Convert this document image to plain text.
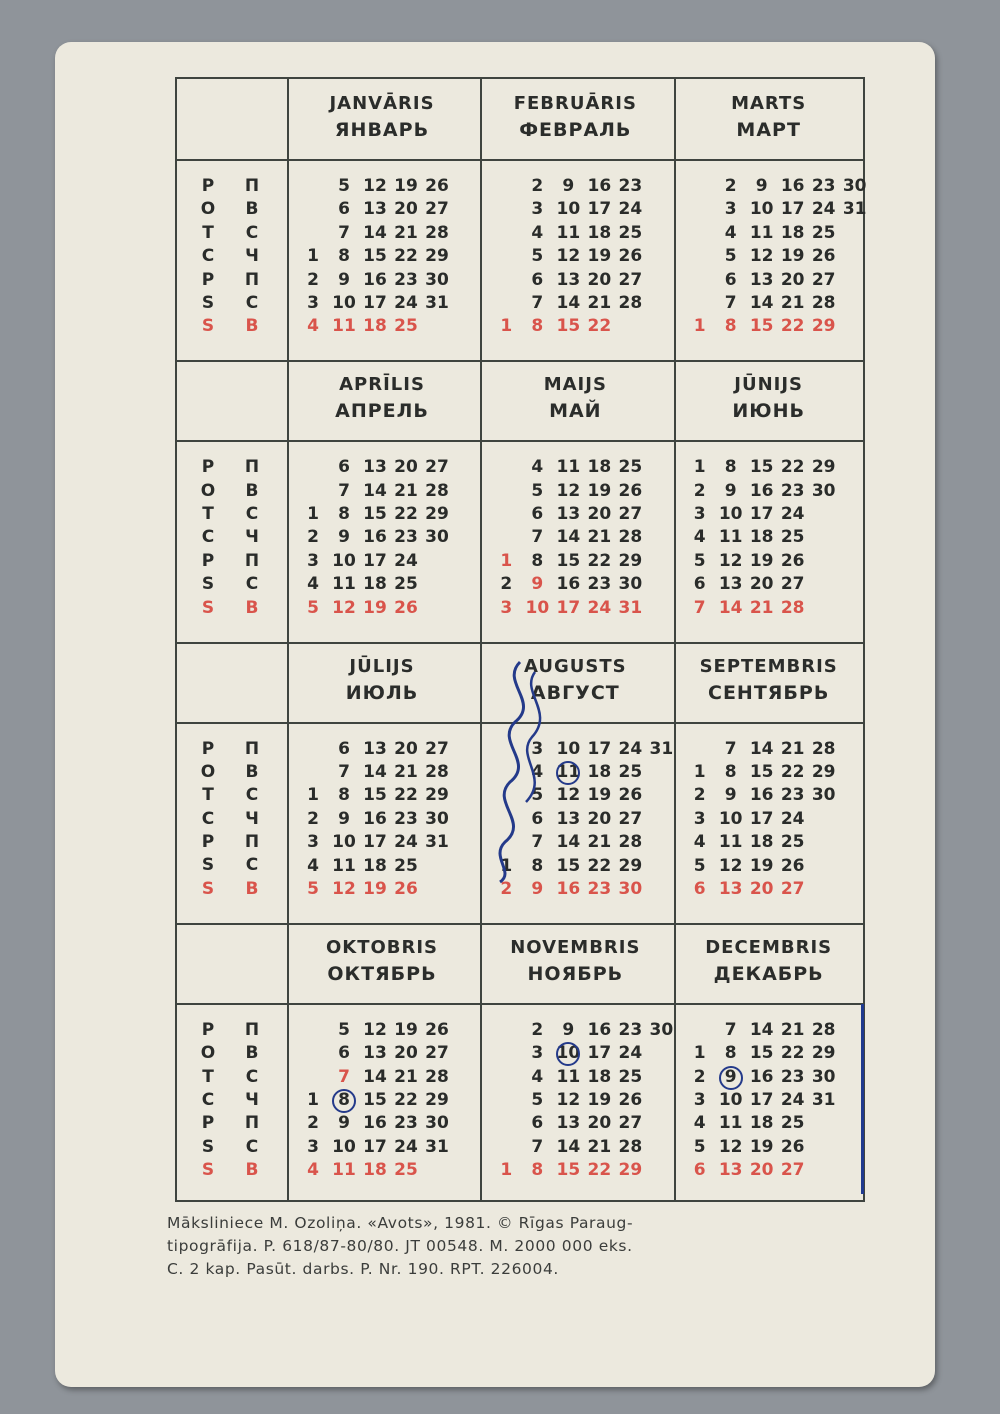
P
O
T
C
P
S
S
П
В
С
Ч
П
С
В
JANVĀRIS
ЯНВАРЬ
1
2
3
4
5
6
7
8
9
10
11
12
13
14
15
16
17
18
19
20
21
22
23
24
25
26
27
28
29
30
31
FEBRUĀRIS
ФЕВРАЛЬ
1
2
3
4
5
6
7
8
9
10
11
12
13
14
15
16
17
18
19
20
21
22
23
24
25
26
27
28
MARTS
МАРТ
1
2
3
4
5
6
7
8
9
10
11
12
13
14
15
16
17
18
19
20
21
22
23
24
25
26
27
28
29
30
31
P
O
T
C
P
S
S
П
В
С
Ч
П
С
В
APRĪLIS
АПРЕЛЬ
1
2
3
4
5
6
7
8
9
10
11
12
13
14
15
16
17
18
19
20
21
22
23
24
25
26
27
28
29
30
MAIJS
МАЙ
1
2
3
4
5
6
7
8
9
10
11
12
13
14
15
16
17
18
19
20
21
22
23
24
25
26
27
28
29
30
31
JŪNIJS
ИЮНЬ
1
2
3
4
5
6
7
8
9
10
11
12
13
14
15
16
17
18
19
20
21
22
23
24
25
26
27
28
29
30
P
O
T
C
P
S
S
П
В
С
Ч
П
С
В
JŪLIJS
ИЮЛЬ
1
2
3
4
5
6
7
8
9
10
11
12
13
14
15
16
17
18
19
20
21
22
23
24
25
26
27
28
29
30
31
AUGUSTS
АВГУСТ
1
2
3
4
5
6
7
8
9
10
11
12
13
14
15
16
17
18
19
20
21
22
23
24
25
26
27
28
29
30
31
SEPTEMBRIS
СЕНТЯБРЬ
1
2
3
4
5
6
7
8
9
10
11
12
13
14
15
16
17
18
19
20
21
22
23
24
25
26
27
28
29
30
P
O
T
C
P
S
S
П
В
С
Ч
П
С
В
OKTOBRIS
ОКТЯБРЬ
1
2
3
4
5
6
7
8
9
10
11
12
13
14
15
16
17
18
19
20
21
22
23
24
25
26
27
28
29
30
31
NOVEMBRIS
НОЯБРЬ
1
2
3
4
5
6
7
8
9
10
11
12
13
14
15
16
17
18
19
20
21
22
23
24
25
26
27
28
29
30
DECEMBRIS
ДЕКАБРЬ
1
2
3
4
5
6
7
8
9
10
11
12
13
14
15
16
17
18
19
20
21
22
23
24
25
26
27
28
29
30
31
Mākslinieсe M. Ozoliņa. «Avots», 1981. © Rīgas Paraug-
tipogrāfija. P. 618/87-80/80. JT 00548. M. 2000 000 eks.
C. 2 kap. Pasūt. darbs. P. Nr. 190. RPT. 226004.
